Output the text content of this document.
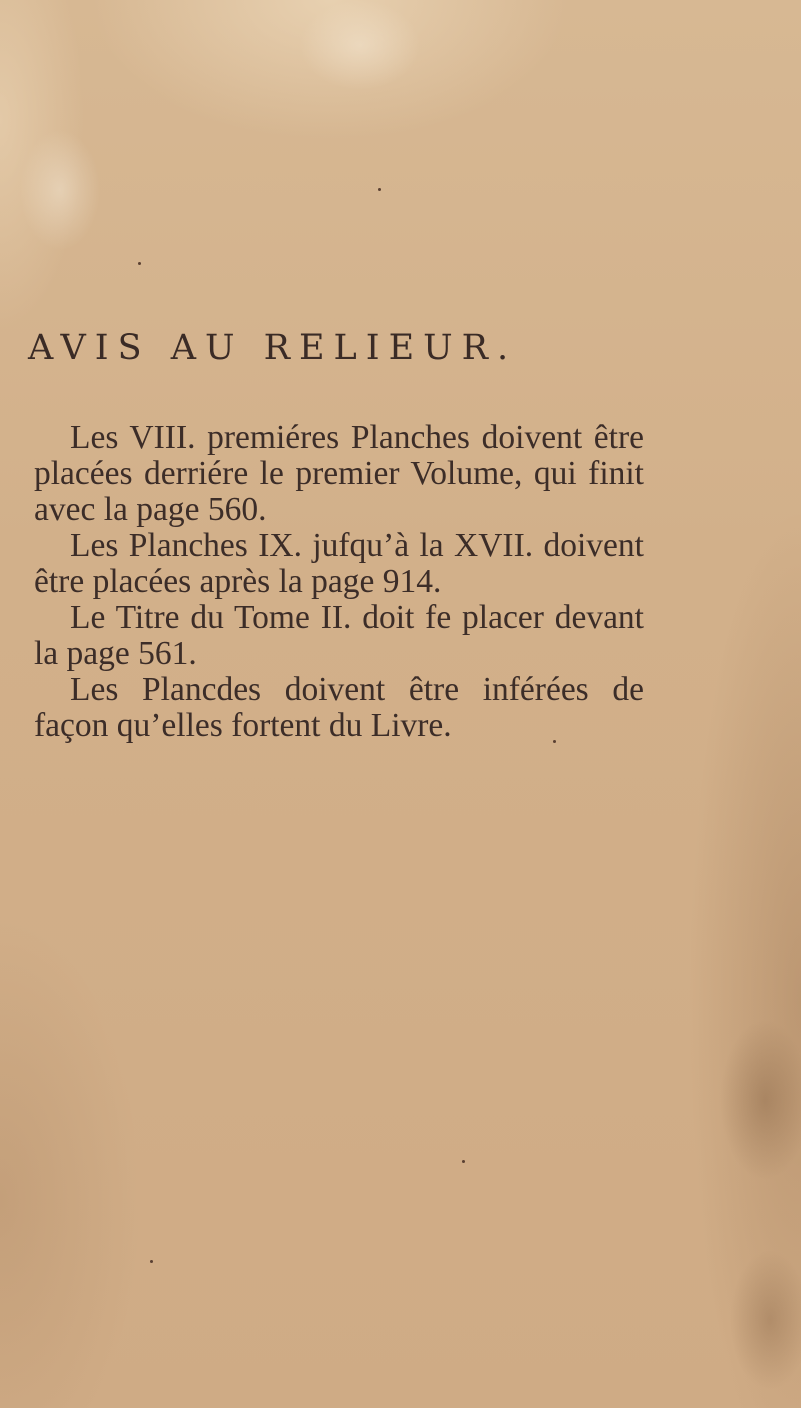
AVIS AU RELIEUR.

Les VIII. premiéres Planches doivent être placées derriére le premier Volume, qui finit avec la page 560.

Les Planches IX. jufqu’à la XVII. doivent être placées après la page 914.

Le Titre du Tome II. doit fe placer devant la page 561.

Les Plancdes doivent être inférées de façon qu’elles fortent du Livre.
